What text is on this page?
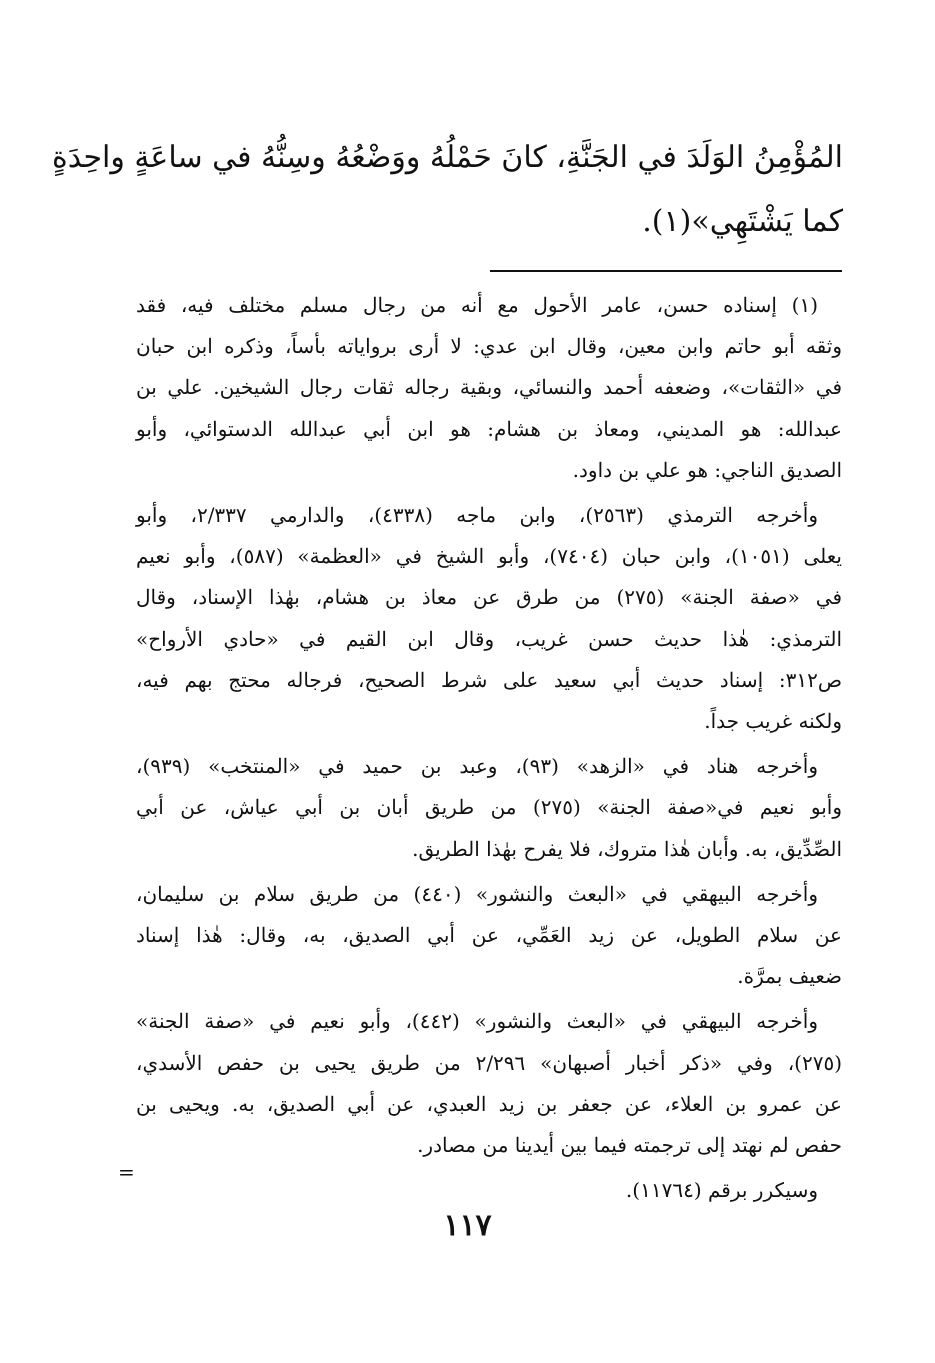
المُؤْمِنُ الوَلَدَ في الجَنَّةِ، كانَ حَمْلُهُ ووَضْعُهُ وسِنُّهُ في ساعَةٍ واحِدَةٍ
كما يَشْتَهِي»(١).
(١) إسناده حسن، عامر الأحول مع أنه من رجال مسلم مختلف فيه، فقد
وثقه أبو حاتم وابن معين، وقال ابن عدي: لا أرى برواياته بأساً، وذكره ابن حبان
في «الثقات»، وضعفه أحمد والنسائي، وبقية رجاله ثقات رجال الشيخين. علي بن
عبدالله: هو المديني، ومعاذ بن هشام: هو ابن أبي عبدالله الدستوائي، وأبو
الصديق الناجي: هو علي بن داود.
وأخرجه الترمذي (٢٥٦٣)، وابن ماجه (٤٣٣٨)، والدارمي ٢/٣٣٧، وأبو
يعلى (١٠٥١)، وابن حبان (٧٤٠٤)، وأبو الشيخ في «العظمة» (٥٨٧)، وأبو نعيم
في «صفة الجنة» (٢٧٥) من طرق عن معاذ بن هشام، بهٰذا الإسناد، وقال
الترمذي: هٰذا حديث حسن غريب، وقال ابن القيم في «حادي الأرواح»
ص٣١٢: إسناد حديث أبي سعيد على شرط الصحيح، فرجاله محتج بهم فيه،
ولكنه غريب جداً.
وأخرجه هناد في «الزهد» (٩٣)، وعبد بن حميد في «المنتخب» (٩٣٩)،
وأبو نعيم في«صفة الجنة» (٢٧٥) من طريق أبان بن أبي عياش، عن أبي
الصِّدِّيق، به. وأبان هٰذا متروك، فلا يفرح بهٰذا الطريق.
وأخرجه البيهقي في «البعث والنشور» (٤٤٠) من طريق سلام بن سليمان،
عن سلام الطويل، عن زيد العَمِّي، عن أبي الصديق، به، وقال: هٰذا إسناد
ضعيف بمرَّة.
وأخرجه البيهقي في «البعث والنشور» (٤٤٢)، وأبو نعيم في «صفة الجنة»
(٢٧٥)، وفي «ذكر أخبار أصبهان» ٢/٢٩٦ من طريق يحيى بن حفص الأسدي،
عن عمرو بن العلاء، عن جعفر بن زيد العبدي، عن أبي الصديق، به. ويحيى بن
حفص لم نهتد إلى ترجمته فيما بين أيدينا من مصادر.
وسيكرر برقم (١١٧٦٤).
=
١١٧
